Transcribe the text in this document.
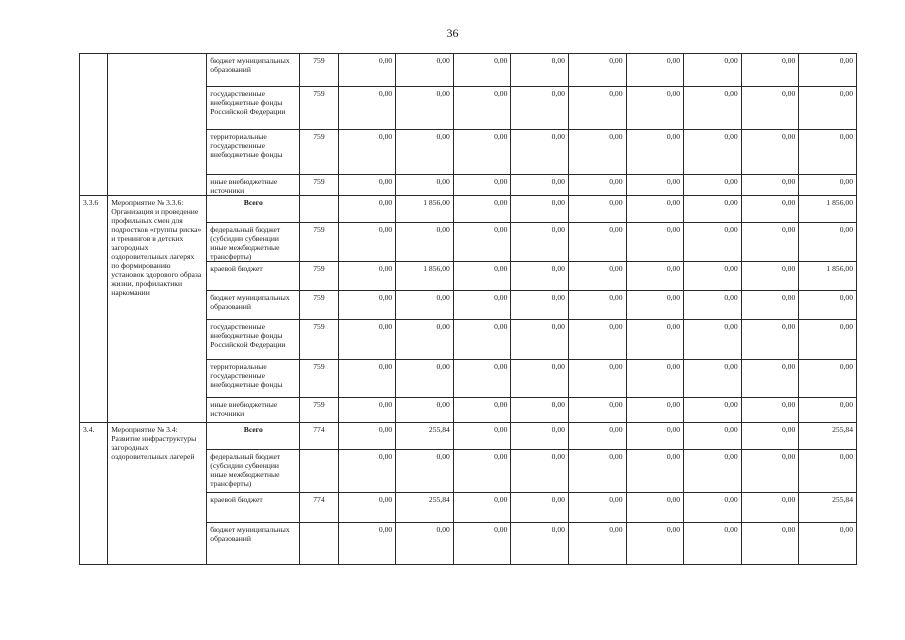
36
		бюджет муниципальных образований	759	0,00	0,00	0,00	0,00	0,00	0,00	0,00	0,00	0,00
		государственные внебюджетные фонды Российской Федерации	759	0,00	0,00	0,00	0,00	0,00	0,00	0,00	0,00	0,00
		территориальные государственные внебюджетные фонды	759	0,00	0,00	0,00	0,00	0,00	0,00	0,00	0,00	0,00
		иные внебюджетные источники	759	0,00	0,00	0,00	0,00	0,00	0,00	0,00	0,00	0,00
3.3.6	Мероприятие № 3.3.6: Организация и проведение профильных смен для подростков «группы риска» и тренингов в детских загородных оздоровительных лагерях по формированию установок здорового образа жизни, профилактики наркомании	Всего		0,00	1 856,00	0,00	0,00	0,00	0,00	0,00	0,00	1 856,00
		федеральный бюджет (субсидии субвенции иные межбюджетные трансферты)	759	0,00	0,00	0,00	0,00	0,00	0,00	0,00	0,00	0,00
		краевой бюджет	759	0,00	1 856,00	0,00	0,00	0,00	0,00	0,00	0,00	1 856,00
		бюджет муниципальных образований	759	0,00	0,00	0,00	0,00	0,00	0,00	0,00	0,00	0,00
		государственные внебюджетные фонды Российской Федерации	759	0,00	0,00	0,00	0,00	0,00	0,00	0,00	0,00	0,00
		территориальные государственные внебюджетные фонды	759	0,00	0,00	0,00	0,00	0,00	0,00	0,00	0,00	0,00
		иные внебюджетные источники	759	0,00	0,00	0,00	0,00	0,00	0,00	0,00	0,00	0,00
3.4.	Мероприятие № 3.4: Развитие инфраструктуры загородных оздоровительных лагерей	Всего	774	0,00	255,84	0,00	0,00	0,00	0,00	0,00	0,00	255,84
		федеральный бюджет (субсидии субвенции иные межбюджетные трансферты)		0,00	0,00	0,00	0,00	0,00	0,00	0,00	0,00	0,00
		краевой бюджет	774	0,00	255,84	0,00	0,00	0,00	0,00	0,00	0,00	255,84
		бюджет муниципальных образований		0,00	0,00	0,00	0,00	0,00	0,00	0,00	0,00	0,00
